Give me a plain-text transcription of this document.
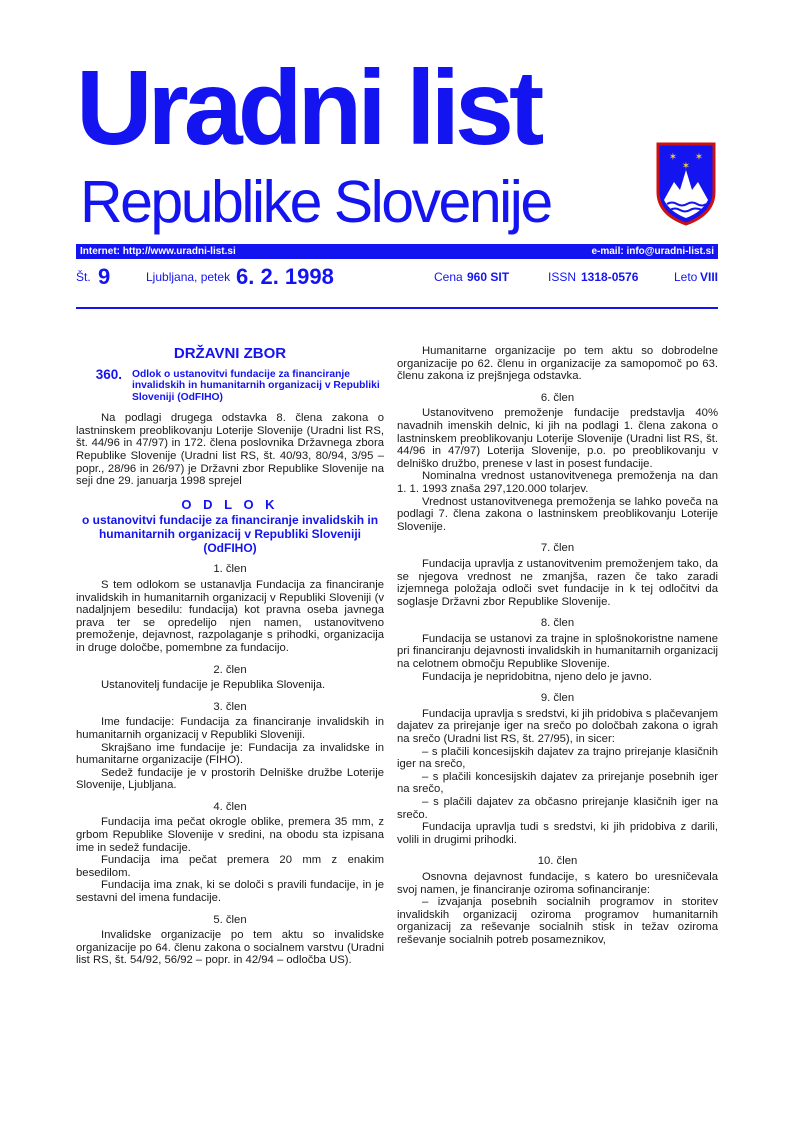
Uradni list
Republike Slovenije
✶ ✶
✶
Internet: http://www.uradni-list.si	e-mail: info@uradni-list.si
Št. 9	Ljubljana, petek 6. 2. 1998	Cena 960 SIT	ISSN 1318-0576	Leto VIII
DRŽAVNI ZBOR
360. Odlok o ustanovitvi fundacije za financiranje invalidskih in humanitarnih organizacij v Republiki Sloveniji (OdFIHO)

Na podlagi drugega odstavka 8. člena zakona o lastninskem preoblikovanju Loterije Slovenije (Uradni list RS, št. 44/96 in 47/97) in 172. člena poslovnika Državnega zbora Republike Slovenije (Uradni list RS, št. 40/93, 80/94, 3/95 – popr., 28/96 in 26/97) je Državni zbor Republike Slovenije na seji dne 29. januarja 1998 sprejel

O D L O K
o ustanovitvi fundacije za financiranje invalidskih in humanitarnih organizacij v Republiki Sloveniji (OdFIHO)
1. člen

S tem odlokom se ustanavlja Fundacija za financiranje invalidskih in humanitarnih organizacij v Republiki Sloveniji (v nadaljnjem besedilu: fundacija) kot pravna oseba javnega prava ter se opredelijo njen namen, ustanovitveno premoženje, dejavnost, razpolaganje s prihodki, organizacija in druge določbe, pomembne za fundacijo.

2. člen

Ustanovitelj fundacije je Republika Slovenija.

3. člen

Ime fundacije: Fundacija za financiranje invalidskih in humanitarnih organizacij v Republiki Sloveniji.

Skrajšano ime fundacije je: Fundacija za invalidske in humanitarne organizacije (FIHO).

Sedež fundacije je v prostorih Delniške družbe Loterije Slovenije, Ljubljana.

4. člen

Fundacija ima pečat okrogle oblike, premera 35 mm, z grbom Republike Slovenije v sredini, na obodu sta izpisana ime in sedež fundacije.

Fundacija ima pečat premera 20 mm z enakim besedilom.

Fundacija ima znak, ki se določi s pravili fundacije, in je sestavni del imena fundacije.

5. člen

Invalidske organizacije po tem aktu so invalidske organizacije po 64. členu zakona o socialnem varstvu (Uradni list RS, št. 54/92, 56/92 – popr. in 42/94 – odločba US).

Humanitarne organizacije po tem aktu so dobrodelne organizacije po 62. členu in organizacije za samopomoč po 63. členu zakona iz prejšnjega odstavka.

6. člen

Ustanovitveno premoženje fundacije predstavlja 40% navadnih imenskih delnic, ki jih na podlagi 1. člena zakona o lastninskem preoblikovanju Loterije Slovenije (Uradni list RS, št. 44/96 in 47/97) Loterija Slovenije, p.o. po preoblikovanju v delniško družbo, prenese v last in posest fundacije.

Nominalna vrednost ustanovitvenega premoženja na dan 1. 1. 1993 znaša 297,120.000 tolarjev.

Vrednost ustanovitvenega premoženja se lahko poveča na podlagi 7. člena zakona o lastninskem preoblikovanju Loterije Slovenije.

7. člen

Fundacija upravlja z ustanovitvenim premoženjem tako, da se njegova vrednost ne zmanjša, razen če tako zaradi izjemnega položaja odloči svet fundacije in k tej odločitvi da soglasje Državni zbor Republike Slovenije.

8. člen

Fundacija se ustanovi za trajne in splošnokoristne namene pri financiranju dejavnosti invalidskih in humanitarnih organizacij na celotnem območju Republike Slovenije.

Fundacija je nepridobitna, njeno delo je javno.

9. člen

Fundacija upravlja s sredstvi, ki jih pridobiva s plačevanjem dajatev za prirejanje iger na srečo po določbah zakona o igrah na srečo (Uradni list RS, št. 27/95), in sicer:

– s plačili koncesijskih dajatev za trajno prirejanje klasičnih iger na srečo,

– s plačili koncesijskih dajatev za prirejanje posebnih iger na srečo,

– s plačili dajatev za občasno prirejanje klasičnih iger na srečo.

Fundacija upravlja tudi s sredstvi, ki jih pridobiva z darili, volili in drugimi prihodki.

10. člen

Osnovna dejavnost fundacije, s katero bo uresničevala svoj namen, je financiranje oziroma sofinanciranje:

– izvajanja posebnih socialnih programov in storitev invalidskih organizacij oziroma programov humanitarnih organizacij za reševanje socialnih stisk in težav oziroma reševanje socialnih potreb posameznikov,
